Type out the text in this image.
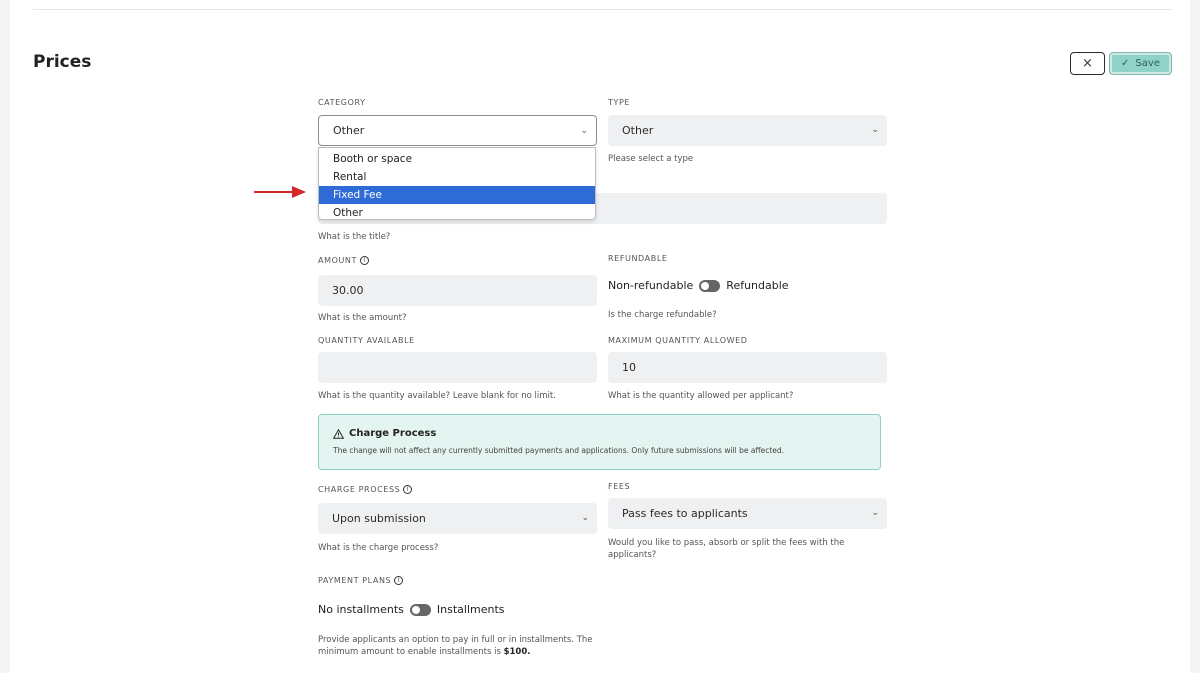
Prices	×	✓ Save
CATEGORY
Other	⌄
TYPE
Other	⌄
Please select a type
What is the title?
Booth or space
Rental
Fixed Fee
Other
AMOUNT I
30.00
What is the amount?
REFUNDABLE
Non-refundable	Refundable
Is the charge refundable?
QUANTITY AVAILABLE
What is the quantity available? Leave blank for no limit.
MAXIMUM QUANTITY ALLOWED
10
What is the quantity allowed per applicant?
Charge Process
The change will not affect any currently submitted payments and applications. Only future submissions will be affected.
CHARGE PROCESS I
Upon submission	⌄
What is the charge process?
FEES
Pass fees to applicants	⌄
Would you like to pass, absorb or split the fees with the applicants?
PAYMENT PLANS I
No installments	Installments
Provide applicants an option to pay in full or in installments. The minimum amount to enable installments is $100.
